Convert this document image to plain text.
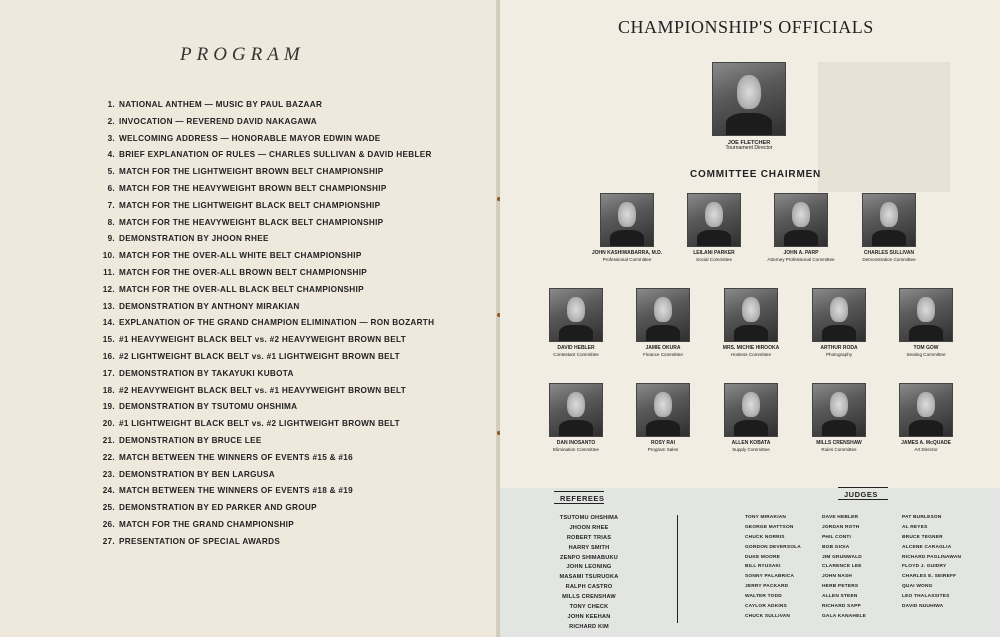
PROGRAM
1. NATIONAL ANTHEM — MUSIC BY PAUL BAZAAR
2. INVOCATION — REVEREND DAVID NAKAGAWA
3. WELCOMING ADDRESS — HONORABLE MAYOR EDWIN WADE
4. BRIEF EXPLANATION OF RULES — CHARLES SULLIVAN & DAVID HEBLER
5. MATCH FOR THE LIGHTWEIGHT BROWN BELT CHAMPIONSHIP
6. MATCH FOR THE HEAVYWEIGHT BROWN BELT CHAMPIONSHIP
7. MATCH FOR THE LIGHTWEIGHT BLACK BELT CHAMPIONSHIP
8. MATCH FOR THE HEAVYWEIGHT BLACK BELT CHAMPIONSHIP
9. DEMONSTRATION BY JHOON RHEE
10. MATCH FOR THE OVER-ALL WHITE BELT CHAMPIONSHIP
11. MATCH FOR THE OVER-ALL BROWN BELT CHAMPIONSHIP
12. MATCH FOR THE OVER-ALL BLACK BELT CHAMPIONSHIP
13. DEMONSTRATION BY ANTHONY MIRAKIAN
14. EXPLANATION OF THE GRAND CHAMPION ELIMINATION — RON BOZARTH
15. #1 HEAVYWEIGHT BLACK BELT vs. #2 HEAVYWEIGHT BROWN BELT
16. #2 LIGHTWEIGHT BLACK BELT vs. #1 LIGHTWEIGHT BROWN BELT
17. DEMONSTRATION BY TAKAYUKI KUBOTA
18. #2 HEAVYWEIGHT BLACK BELT vs. #1 HEAVYWEIGHT BROWN BELT
19. DEMONSTRATION BY TSUTOMU OHSHIMA
20. #1 LIGHTWEIGHT BLACK BELT vs. #2 LIGHTWEIGHT BROWN BELT
21. DEMONSTRATION BY BRUCE LEE
22. MATCH BETWEEN THE WINNERS OF EVENTS #15 & #16
23. DEMONSTRATION BY BEN LARGUSA
24. MATCH BETWEEN THE WINNERS OF EVENTS #18 & #19
25. DEMONSTRATION BY ED PARKER AND GROUP
26. MATCH FOR THE GRAND CHAMPIONSHIP
27. PRESENTATION OF SPECIAL AWARDS
CHAMPIONSHIP'S OFFICIALS
JOE FLETCHER
Tournament Director
COMMITTEE CHAIRMEN
JOHN KASHIWABARRA, M.D.
Professional Committee
LEILANI PARKER
Social Committee
JOHN A. PARP
Attorney Professional Committee
CHARLES SULLIVAN
Demonstration Committee
DAVID HEBLER
Contestant Committee
JAMIE OKURA
Finance Committee
MRS. MICHIE HIROOKA
Hostess Committee
ARTHUR RODA
Photography
TOM GOW
Seating Committee
DAN INOSANTO
Elimination Committee
ROSY RAI
Program Sales
ALLEN KOBATA
Supply Committee
MILLS CRENSHAW
Rules Committee
JAMES A. McQUADE
Art Director
REFEREES	JUDGES
TSUTOMU OHSHIMA
JHOON RHEE
ROBERT TRIAS
HARRY SMITH
ZENPO SHIMABUKU
JOHN LEONING
MASAMI TSURUOKA
RALPH CASTRO
MILLS CRENSHAW
TONY CHECK
JOHN KEEHAN
RICHARD KIM
TONY MIRAKIAN
GEORGE MATTSON
CHUCK NORRIS
GORDON DEVERSOLA
DUKE MOORE
BILL RYUSAKI
SONNY PALABRICA
JERRY PACKARD
WALTER TODD
CAYLOR ADKINS
CHUCK SULLIVAN
DAVE HEBLER
JORDAN ROTH
PHIL CONTI
BOB GIOIA
JIM GRUNWALD
CLARENCE LEE
JOHN NASH
HERB PETERS
ALLEN STEEN
RICHARD SAPP
GALA KANAHELE
PAT BURLESON
AL REYES
BRUCE TEGNER
ALCENE CARAGLIA
RICHARD PAGLINAWAN
FLOYD J. GUIDRY
CHARLES E. SEIREFF
QUAI WONG
LEO THALASSITES
DAVID NUUHIWA
